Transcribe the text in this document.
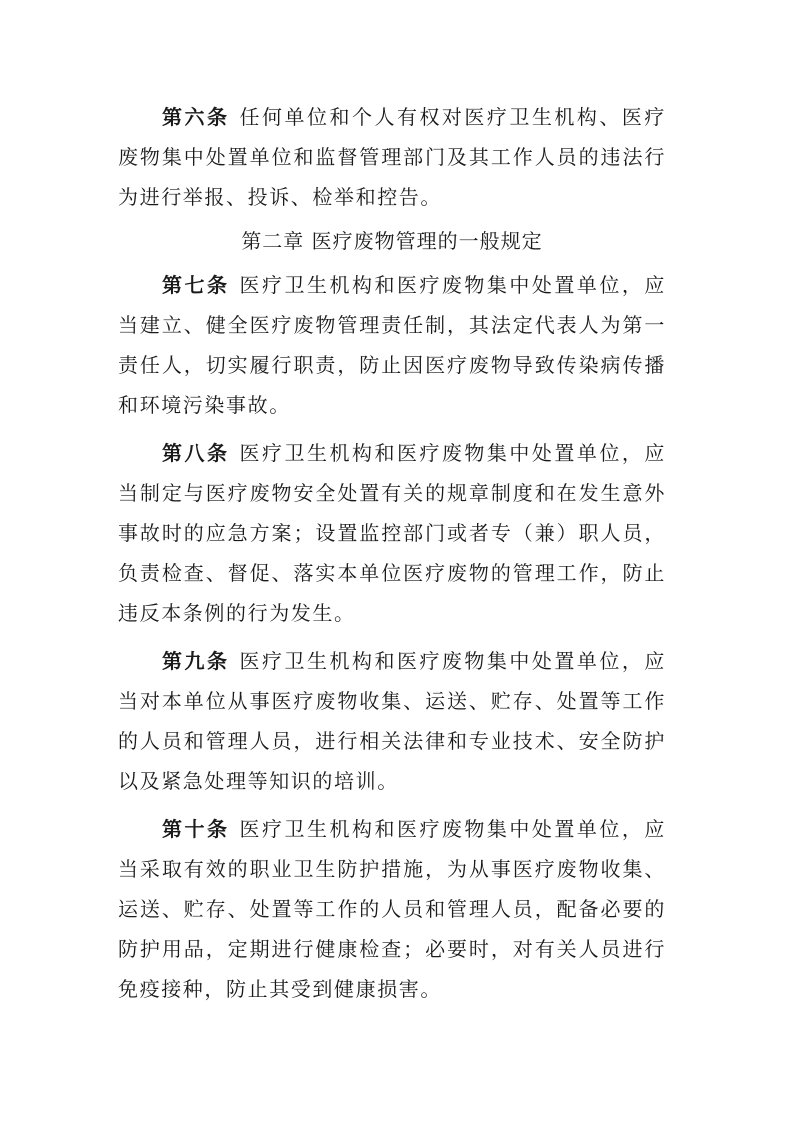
第六条 任何单位和个人有权对医疗卫生机构、医疗废物集中处置单位和监督管理部门及其工作人员的违法行为进行举报、投诉、检举和控告。

第二章 医疗废物管理的一般规定

第七条 医疗卫生机构和医疗废物集中处置单位，应当建立、健全医疗废物管理责任制，其法定代表人为第一责任人，切实履行职责，防止因医疗废物导致传染病传播和环境污染事故。

第八条 医疗卫生机构和医疗废物集中处置单位，应当制定与医疗废物安全处置有关的规章制度和在发生意外事故时的应急方案；设置监控部门或者专（兼）职人员，负责检查、督促、落实本单位医疗废物的管理工作，防止违反本条例的行为发生。

第九条 医疗卫生机构和医疗废物集中处置单位，应当对本单位从事医疗废物收集、运送、贮存、处置等工作的人员和管理人员，进行相关法律和专业技术、安全防护以及紧急处理等知识的培训。

第十条 医疗卫生机构和医疗废物集中处置单位，应当采取有效的职业卫生防护措施，为从事医疗废物收集、运送、贮存、处置等工作的人员和管理人员，配备必要的防护用品，定期进行健康检查；必要时，对有关人员进行免疫接种，防止其受到健康损害。
